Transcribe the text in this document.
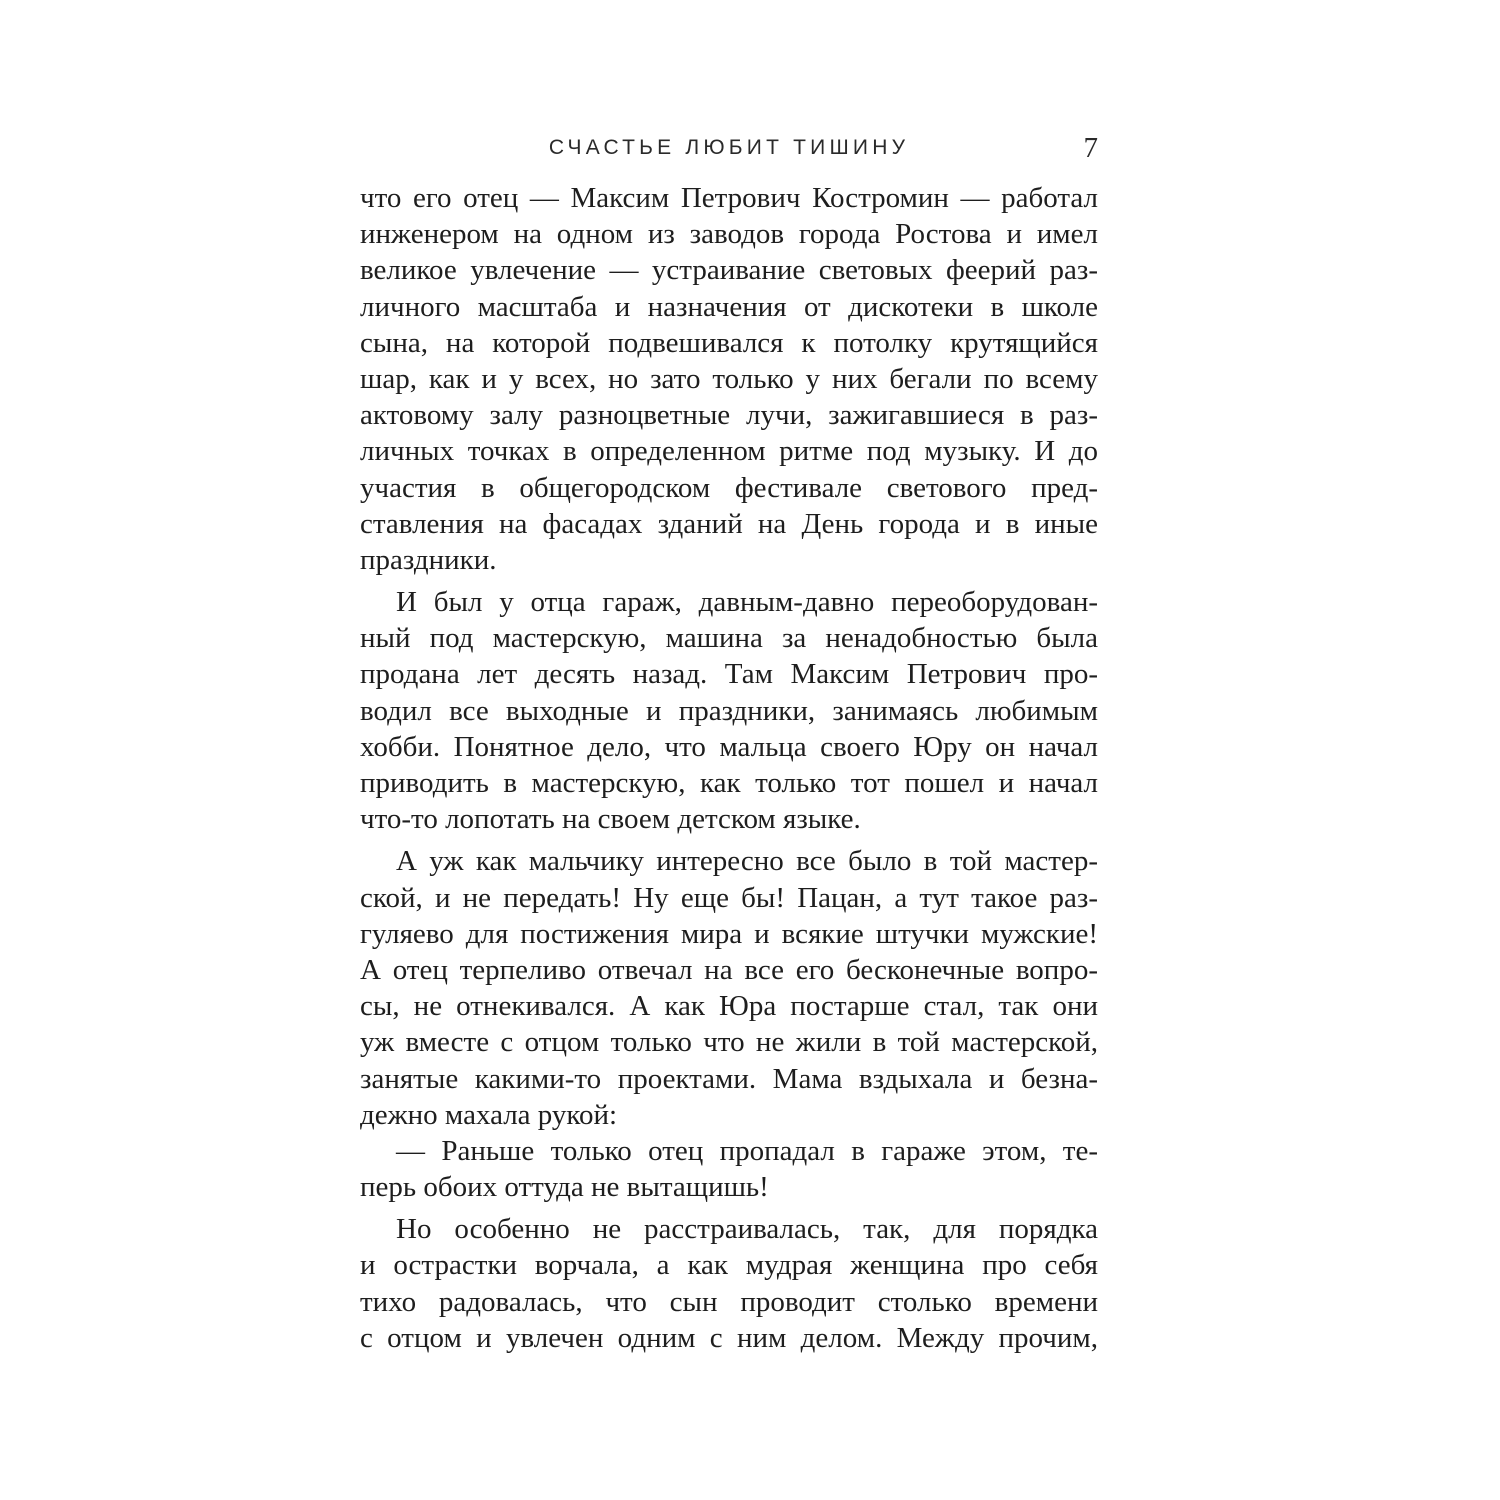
СЧАСТЬЕ ЛЮБИТ ТИШИНУ	7
что его отец — Максим Петрович Костромин — работал
инженером на одном из заводов города Ростова и имел
великое увлечение — устраивание световых феерий раз-
личного масштаба и назначения от дискотеки в школе
сына, на которой подвешивался к потолку крутящийся
шар, как и у всех, но зато только у них бегали по всему
актовому залу разноцветные лучи, зажигавшиеся в раз-
личных точках в определенном ритме под музыку. И до
участия в общегородском фестивале светового пред-
ставления на фасадах зданий на День города и в иные
праздники.
И был у отца гараж, давным-давно переоборудован-
ный под мастерскую, машина за ненадобностью была
продана лет десять назад. Там Максим Петрович про-
водил все выходные и праздники, занимаясь любимым
хобби. Понятное дело, что мальца своего Юру он начал
приводить в мастерскую, как только тот пошел и начал
что-то лопотать на своем детском языке.
А уж как мальчику интересно все было в той мастер-
ской, и не передать! Ну еще бы! Пацан, а тут такое раз-
гуляево для постижения мира и всякие штучки мужские!
А отец терпеливо отвечал на все его бесконечные вопро-
сы, не отнекивался. А как Юра постарше стал, так они
уж вместе с отцом только что не жили в той мастерской,
занятые какими-то проектами. Мама вздыхала и безна-
дежно махала рукой:
— Раньше только отец пропадал в гараже этом, те-
перь обоих оттуда не вытащишь!
Но особенно не расстраивалась, так, для порядка
и острастки ворчала, а как мудрая женщина про себя
тихо радовалась, что сын проводит столько времени
с отцом и увлечен одним с ним делом. Между прочим,
